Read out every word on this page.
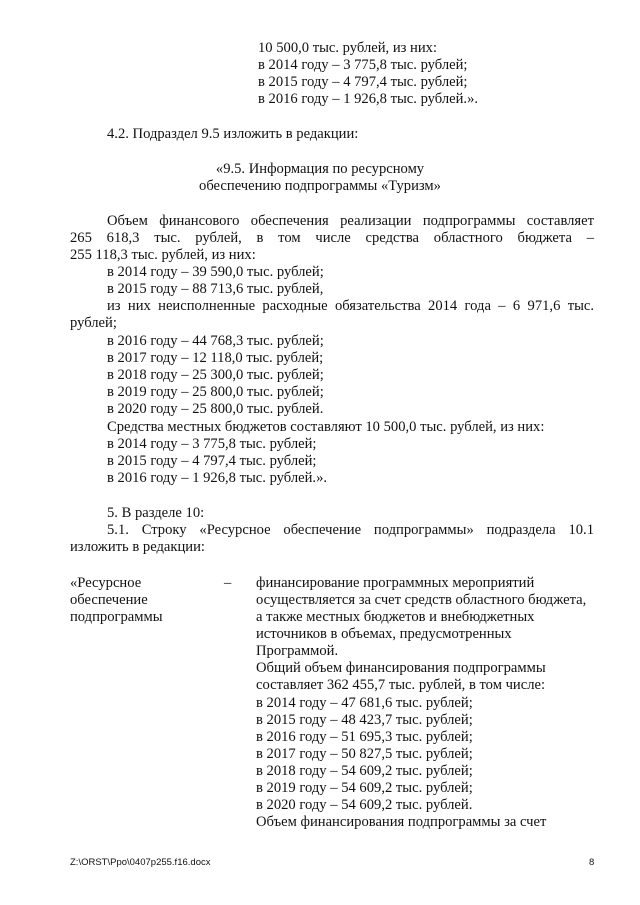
10 500,0 тыс. рублей, из них:
в 2014 году – 3 775,8 тыс. рублей;
в 2015 году – 4 797,4 тыс. рублей;
в 2016 году – 1 926,8 тыс. рублей.».
4.2. Подраздел 9.5 изложить в редакции:
«9.5. Информация по ресурсному
обеспечению подпрограммы «Туризм»
Объем финансового обеспечения реализации подпрограммы составляет
265 618,3 тыс. рублей, в том числе средства областного бюджета –
255 118,3 тыс. рублей, из них:
в 2014 году – 39 590,0 тыс. рублей;
в 2015 году – 88 713,6 тыс. рублей,
из них неисполненные расходные обязательства 2014 года – 6 971,6 тыс.
рублей;
в 2016 году – 44 768,3 тыс. рублей;
в 2017 году – 12 118,0 тыс. рублей;
в 2018 году – 25 300,0 тыс. рублей;
в 2019 году – 25 800,0 тыс. рублей;
в 2020 году – 25 800,0 тыс. рублей.
Средства местных бюджетов составляют 10 500,0 тыс. рублей, из них:
в 2014 году – 3 775,8 тыс. рублей;
в 2015 году – 4 797,4 тыс. рублей;
в 2016 году – 1 926,8 тыс. рублей.».
5. В разделе 10:
5.1. Строку «Ресурсное обеспечение подпрограммы» подраздела 10.1
изложить в редакции:
«Ресурсное
обеспечение
подпрограммы
– финансирование программных мероприятий
осуществляется за счет средств областного бюджета,
а также местных бюджетов и внебюджетных
источников в объемах, предусмотренных
Программой.
Общий объем финансирования подпрограммы
составляет 362 455,7 тыс. рублей, в том числе:
в 2014 году – 47 681,6 тыс. рублей;
в 2015 году – 48 423,7 тыс. рублей;
в 2016 году – 51 695,3 тыс. рублей;
в 2017 году – 50 827,5 тыс. рублей;
в 2018 году – 54 609,2 тыс. рублей;
в 2019 году – 54 609,2 тыс. рублей;
в 2020 году – 54 609,2 тыс. рублей.
Объем финансирования подпрограммы за счет
Z:\ORST\Ppo\0407p255.f16.docx	8
